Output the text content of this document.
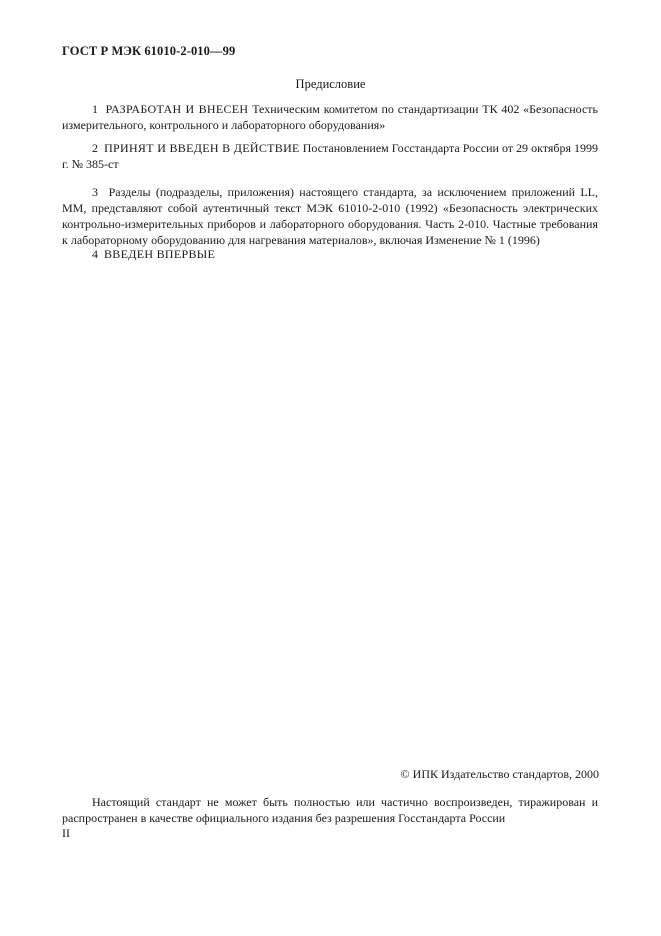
ГОСТ Р МЭК 61010-2-010—99
Предисловие
1 РАЗРАБОТАН И ВНЕСЕН Техническим комитетом по стандартизации ТК 402 «Безопасность измерительного, контрольного и лабораторного оборудования»
2 ПРИНЯТ И ВВЕДЕН В ДЕЙСТВИЕ Постановлением Госстандарта России от 29 октября 1999 г. № 385-ст
3 Разделы (подразделы, приложения) настоящего стандарта, за исключением приложений LL, ММ, представляют собой аутентичный текст МЭК 61010-2-010 (1992) «Безопасность электрических контрольно-измерительных приборов и лабораторного оборудования. Часть 2-010. Частные требования к лабораторному оборудованию для нагревания материалов», включая Изменение № 1 (1996)
4 ВВЕДЕН ВПЕРВЫЕ
© ИПК Издательство стандартов, 2000
Настоящий стандарт не может быть полностью или частично воспроизведен, тиражирован и распространен в качестве официального издания без разрешения Госстандарта России
II
